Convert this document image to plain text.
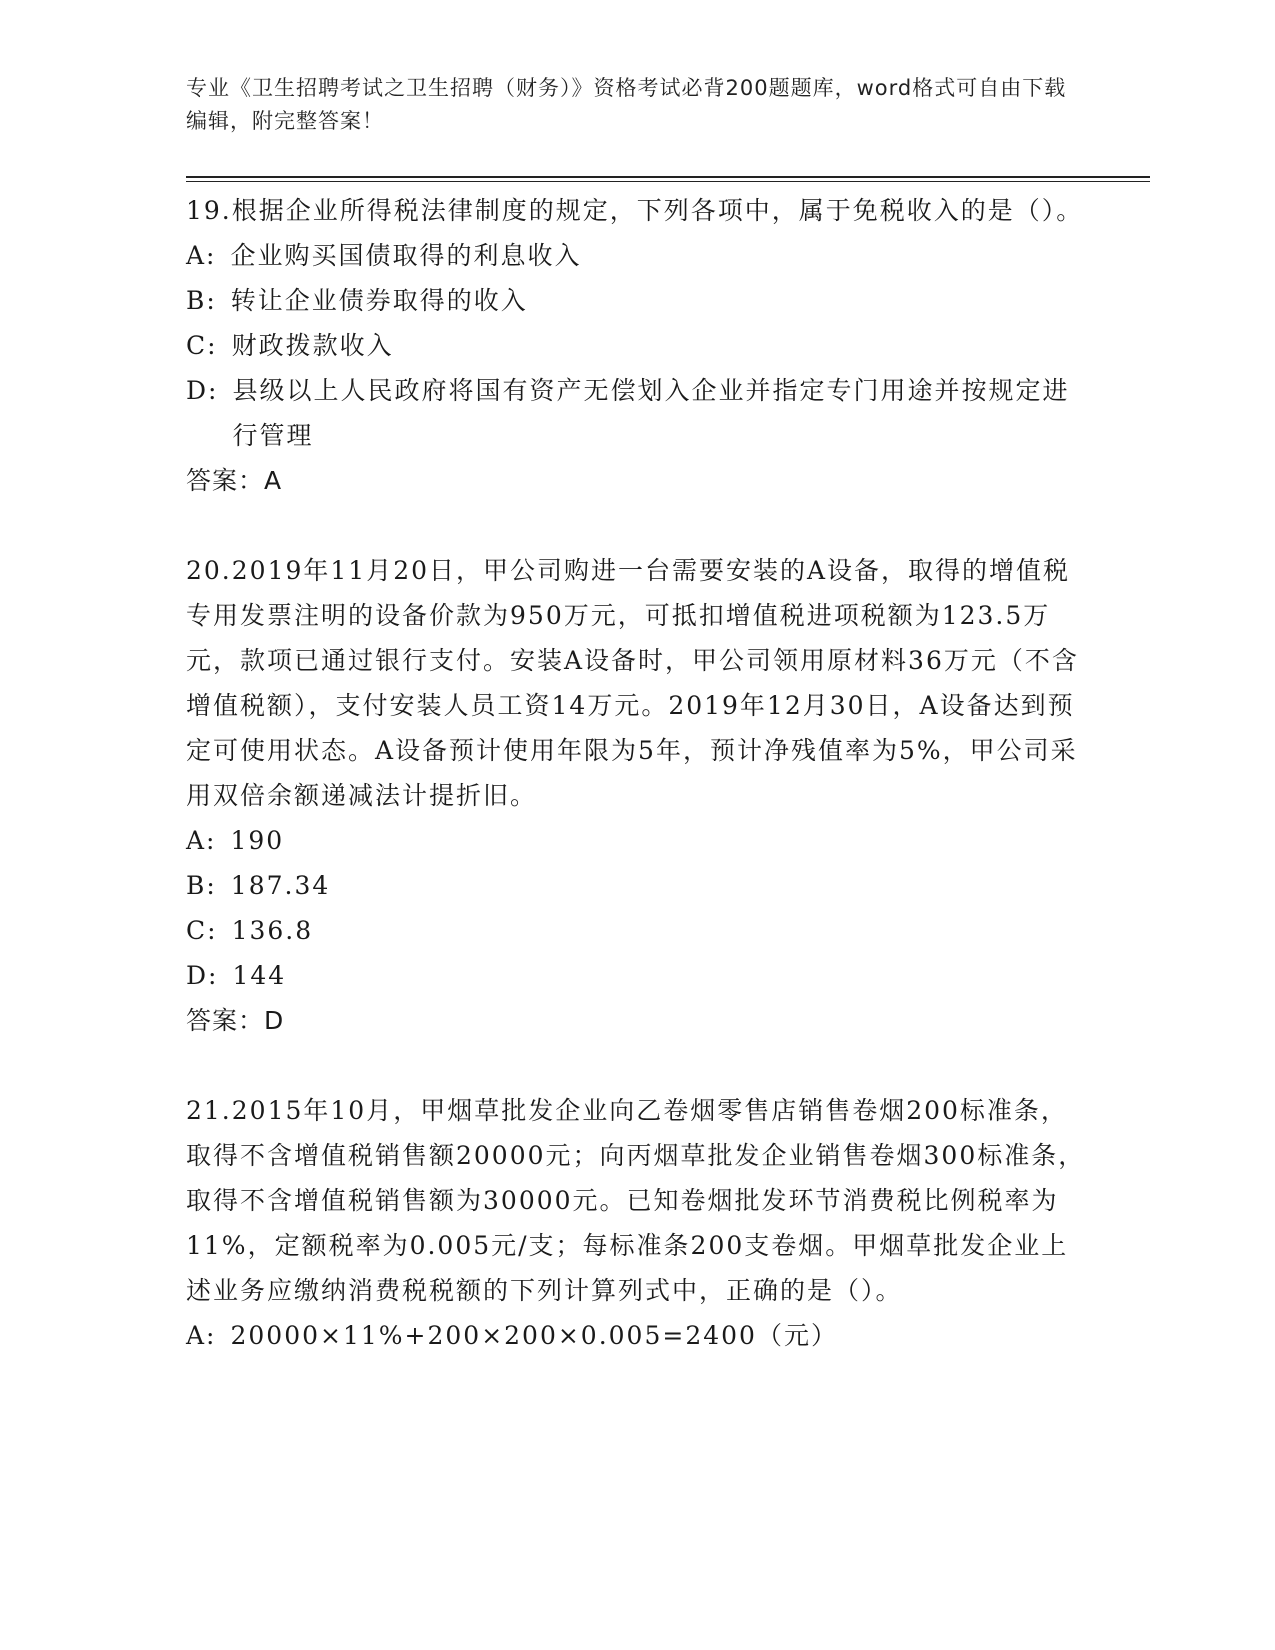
专业《卫生招聘考试之卫生招聘（财务）》资格考试必背200题题库，word格式可自由下载编辑，附完整答案！

19.根据企业所得税法律制度的规定，下列各项中，属于免税收入的是（）。

A: 企业购买国债取得的利息收入
B: 转让企业债券取得的收入
C: 财政拨款收入
D: 县级以上人民政府将国有资产无偿划入企业并指定专门用途并按规定进行管理

答案：A

20.2019年11月20日，甲公司购进一台需要安装的A设备，取得的增值税专用发票注明的设备价款为950万元，可抵扣增值税进项税额为123.5万元，款项已通过银行支付。安装A设备时，甲公司领用原材料36万元（不含增值税额），支付安装人员工资14万元。2019年12月30日，A设备达到预定可使用状态。A设备预计使用年限为5年，预计净残值率为5%，甲公司采用双倍余额递减法计提折旧。

A: 190
B: 187.34
C: 136.8
D: 144

答案：D

21.2015年10月，甲烟草批发企业向乙卷烟零售店销售卷烟200标准条，取得不含增值税销售额20000元；向丙烟草批发企业销售卷烟300标准条，取得不含增值税销售额为30000元。已知卷烟批发环节消费税比例税率为11%，定额税率为0.005元/支；每标准条200支卷烟。甲烟草批发企业上述业务应缴纳消费税税额的下列计算列式中，正确的是（）。

A: 20000×11%+200×200×0.005=2400（元）
